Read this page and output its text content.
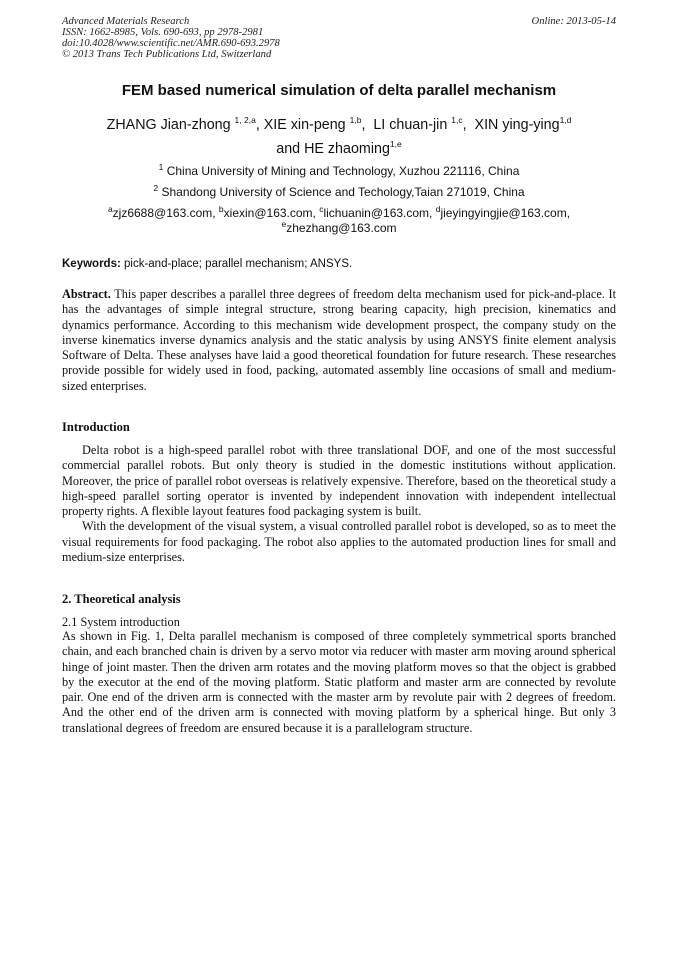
Advanced Materials Research	Online: 2013-05-14
ISSN: 1662-8985, Vols. 690-693, pp 2978-2981
doi:10.4028/www.scientific.net/AMR.690-693.2978
© 2013 Trans Tech Publications Ltd, Switzerland
FEM based numerical simulation of delta parallel mechanism
ZHANG Jian-zhong $^{1, 2,a}$, XIE xin-peng $^{1,b}$,  LI chuan-jin $^{1,c}$,  XIN ying-ying$^{1,d}$
and HE zhaoming$^{1,e}$
$^1$ China University of Mining and Technology, Xuzhou 221116, China
$^2$ Shandong University of Science and Techology,Taian 271019, China
$^a$zjz6688@163.com, $^b$xiexin@163.com, $^c$lichuanin@163.com, $^d$jieyingyingjie@163.com,
$^e$zhezhang@163.com
Keywords: pick-and-place; parallel mechanism; ANSYS.

Abstract. This paper describes a parallel three degrees of freedom delta mechanism used for pick-and-place. It has the advantages of simple integral structure, strong bearing capacity, high precision, kinematics and dynamics performance. According to this mechanism wide development prospect, the company study on the inverse kinematics inverse dynamics analysis and the static analysis by using ANSYS finite element analysis Software of Delta. These analyses have laid a good theoretical foundation for future research. These researches provide possible for widely used in food, packing, automated assembly line occasions of small and medium-sized enterprises.

Introduction

Delta robot is a high-speed parallel robot with three translational DOF, and one of the most successful commercial parallel robots. But only theory is studied in the domestic institutions without application. Moreover, the price of parallel robot overseas is relatively expensive. Therefore, based on the theoretical study a high-speed parallel sorting operator is invented by independent innovation with independent intellectual property rights. A flexible layout features food packaging system is built.

With the development of the visual system, a visual controlled parallel robot is developed, so as to meet the visual requirements for food packaging. The robot also applies to the automated production lines for small and medium-size enterprises.

2. Theoretical analysis
2.1 System introduction

As shown in Fig. 1, Delta parallel mechanism is composed of three completely symmetrical sports branched chain, and each branched chain is driven by a servo motor via reducer with master arm moving around spherical hinge of joint master. Then the driven arm rotates and the moving platform moves so that the object is grabbed by the executor at the end of the moving platform. Static platform and master arm are connected by revolute pair. One end of the driven arm is connected with the master arm by revolute pair with 2 degrees of freedom. And the other end of the driven arm is connected with moving platform by a spherical hinge. But only 3 translational degrees of freedom are ensured because it is a parallelogram structure.
